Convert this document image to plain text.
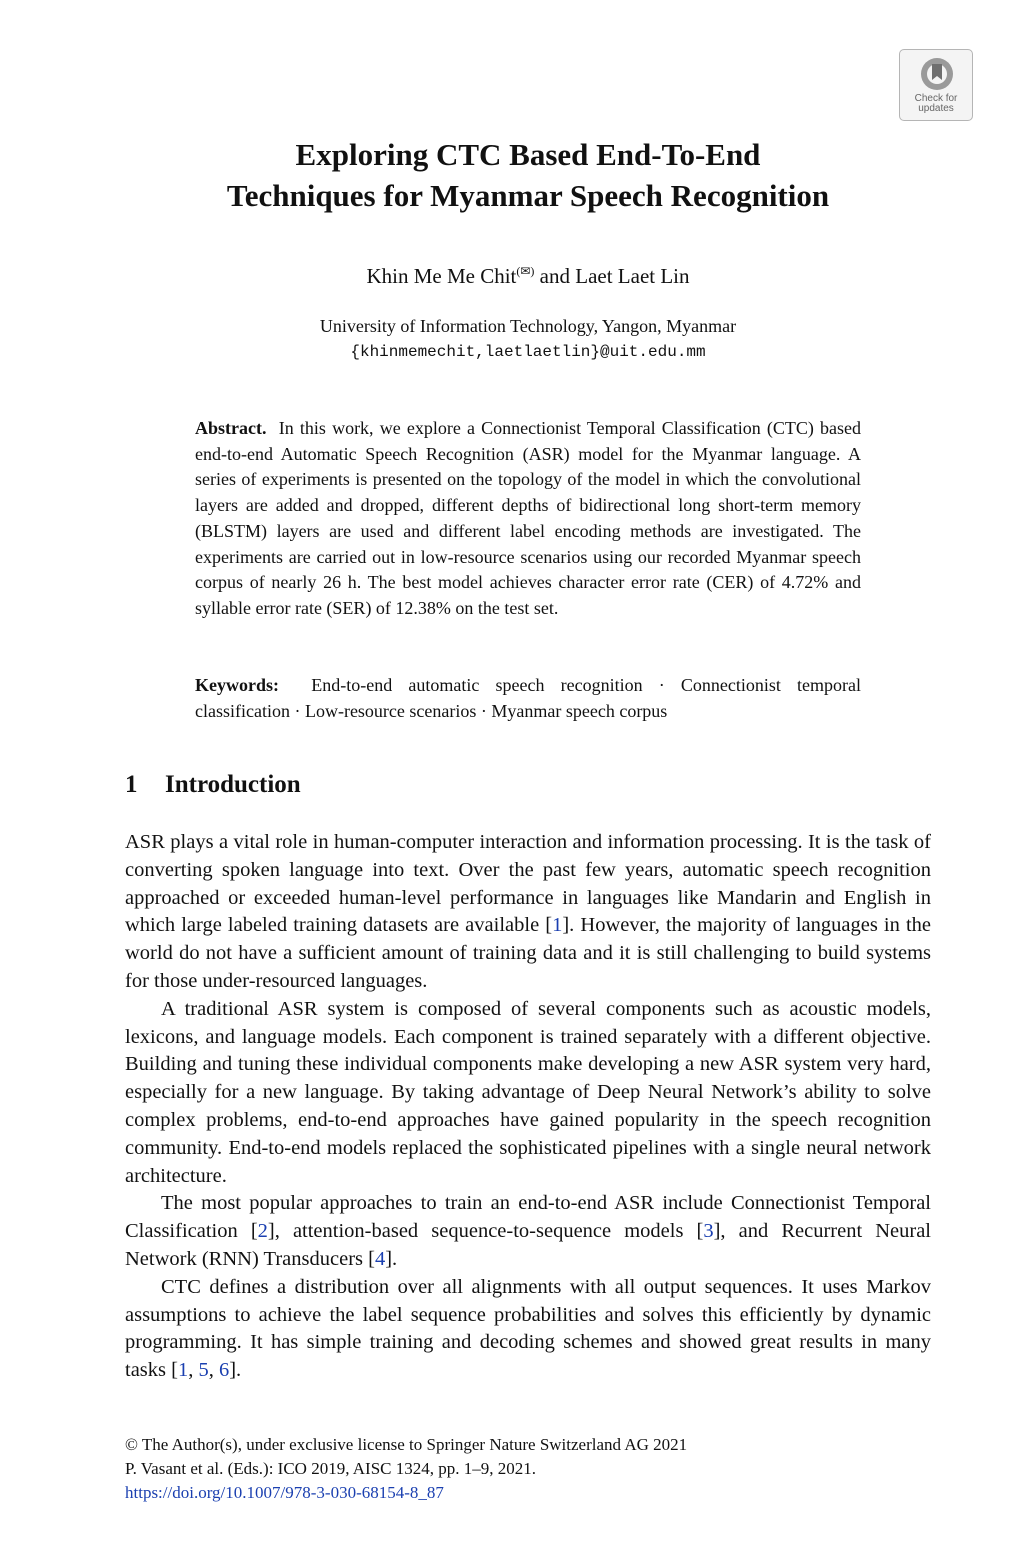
Check for
updates
Exploring CTC Based End-To-End
Techniques for Myanmar Speech Recognition
Khin Me Me Chit(✉) and Laet Laet Lin
University of Information Technology, Yangon, Myanmar
{khinmemechit,laetlaetlin}@uit.edu.mm

Abstract. In this work, we explore a Connectionist Temporal Classification (CTC) based end-to-end Automatic Speech Recognition (ASR) model for the Myanmar language. A series of experiments is presented on the topology of the model in which the convolutional layers are added and dropped, different depths of bidirectional long short-term memory (BLSTM) layers are used and different label encoding methods are investigated. The experiments are carried out in low-resource scenarios using our recorded Myanmar speech corpus of nearly 26 h. The best model achieves character error rate (CER) of 4.72% and syllable error rate (SER) of 12.38% on the test set.

Keywords: End-to-end automatic speech recognition · Connectionist temporal classification · Low-resource scenarios · Myanmar speech corpus

1 Introduction

ASR plays a vital role in human-computer interaction and information processing. It is the task of converting spoken language into text. Over the past few years, automatic speech recognition approached or exceeded human-level performance in languages like Mandarin and English in which large labeled training datasets are available [1]. However, the majority of languages in the world do not have a sufficient amount of training data and it is still challenging to build systems for those under-resourced languages.

A traditional ASR system is composed of several components such as acoustic models, lexicons, and language models. Each component is trained separately with a different objective. Building and tuning these individual components make developing a new ASR system very hard, especially for a new language. By taking advantage of Deep Neural Network’s ability to solve complex problems, end-to-end approaches have gained popularity in the speech recognition community. End-to-end models replaced the sophisticated pipelines with a single neural network architecture.

The most popular approaches to train an end-to-end ASR include Connectionist Temporal Classification [2], attention-based sequence-to-sequence models [3], and Recurrent Neural Network (RNN) Transducers [4].

CTC defines a distribution over all alignments with all output sequences. It uses Markov assumptions to achieve the label sequence probabilities and solves this efficiently by dynamic programming. It has simple training and decoding schemes and showed great results in many tasks [1, 5, 6].

© The Author(s), under exclusive license to Springer Nature Switzerland AG 2021
P. Vasant et al. (Eds.): ICO 2019, AISC 1324, pp. 1–9, 2021.
https://doi.org/10.1007/978-3-030-68154-8_87
